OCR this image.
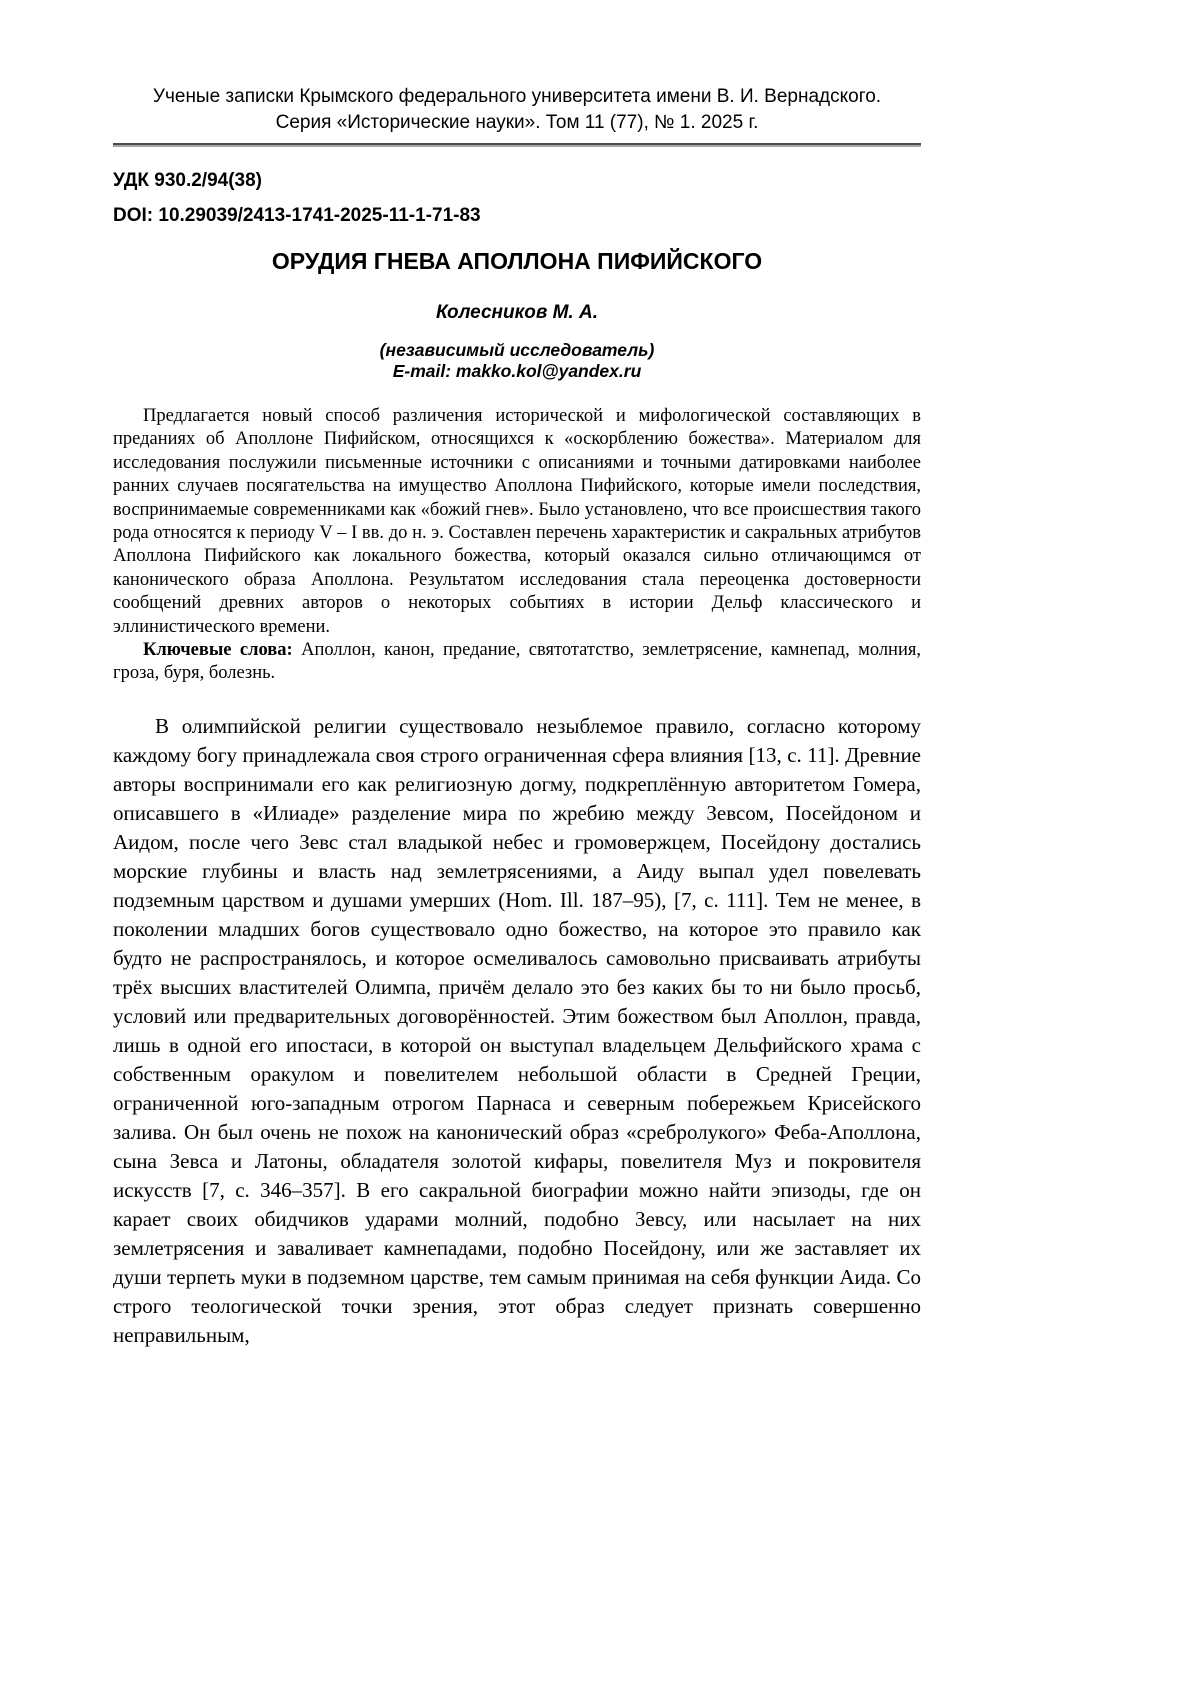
Ученые записки Крымского федерального университета имени В. И. Вернадского.
Серия «Исторические науки». Том 11 (77), № 1. 2025 г.
УДК 930.2/94(38)
DOI: 10.29039/2413-1741-2025-11-1-71-83
ОРУДИЯ ГНЕВА АПОЛЛОНА ПИФИЙСКОГО
Колесников М. А.
(независимый исследователь)
E-mail: makko.kol@yandex.ru

Предлагается новый способ различения исторической и мифологической составляющих в преданиях об Аполлоне Пифийском, относящихся к «оскорблению божества». Материалом для исследования послужили письменные источники с описаниями и точными датировками наиболее ранних случаев посягательства на имущество Аполлона Пифийского, которые имели последствия, воспринимаемые современниками как «божий гнев». Было установлено, что все происшествия такого рода относятся к периоду V – I вв. до н. э. Составлен перечень характеристик и сакральных атрибутов Аполлона Пифийского как локального божества, который оказался сильно отличающимся от канонического образа Аполлона. Результатом исследования стала переоценка достоверности сообщений древних авторов о некоторых событиях в истории Дельф классического и эллинистического времени.

Ключевые слова: Аполлон, канон, предание, святотатство, землетрясение, камнепад, молния, гроза, буря, болезнь.

В олимпийской религии существовало незыблемое правило, согласно которому каждому богу принадлежала своя строго ограниченная сфера влияния [13, с. 11]. Древние авторы воспринимали его как религиозную догму, подкреплённую авторитетом Гомера, описавшего в «Илиаде» разделение мира по жребию между Зевсом, Посейдоном и Аидом, после чего Зевс стал владыкой небес и громовержцем, Посейдону достались морские глубины и власть над землетрясениями, а Аиду выпал удел повелевать подземным царством и душами умерших (Hom. Ill. 187–95), [7, с. 111]. Тем не менее, в поколении младших богов существовало одно божество, на которое это правило как будто не распространялось, и которое осмеливалось самовольно присваивать атрибуты трёх высших властителей Олимпа, причём делало это без каких бы то ни было просьб, условий или предварительных договорённостей. Этим божеством был Аполлон, правда, лишь в одной его ипостаси, в которой он выступал владельцем Дельфийского храма с собственным оракулом и повелителем небольшой области в Средней Греции, ограниченной юго-западным отрогом Парнаса и северным побережьем Крисейского залива. Он был очень не похож на канонический образ «сребролукого» Феба-Аполлона, сына Зевса и Латоны, обладателя золотой кифары, повелителя Муз и покровителя искусств [7, с. 346–357]. В его сакральной биографии можно найти эпизоды, где он карает своих обидчиков ударами молний, подобно Зевсу, или насылает на них землетрясения и заваливает камнепадами, подобно Посейдону, или же заставляет их души терпеть муки в подземном царстве, тем самым принимая на себя функции Аида. Со строго теологической точки зрения, этот образ следует признать совершенно неправильным,
